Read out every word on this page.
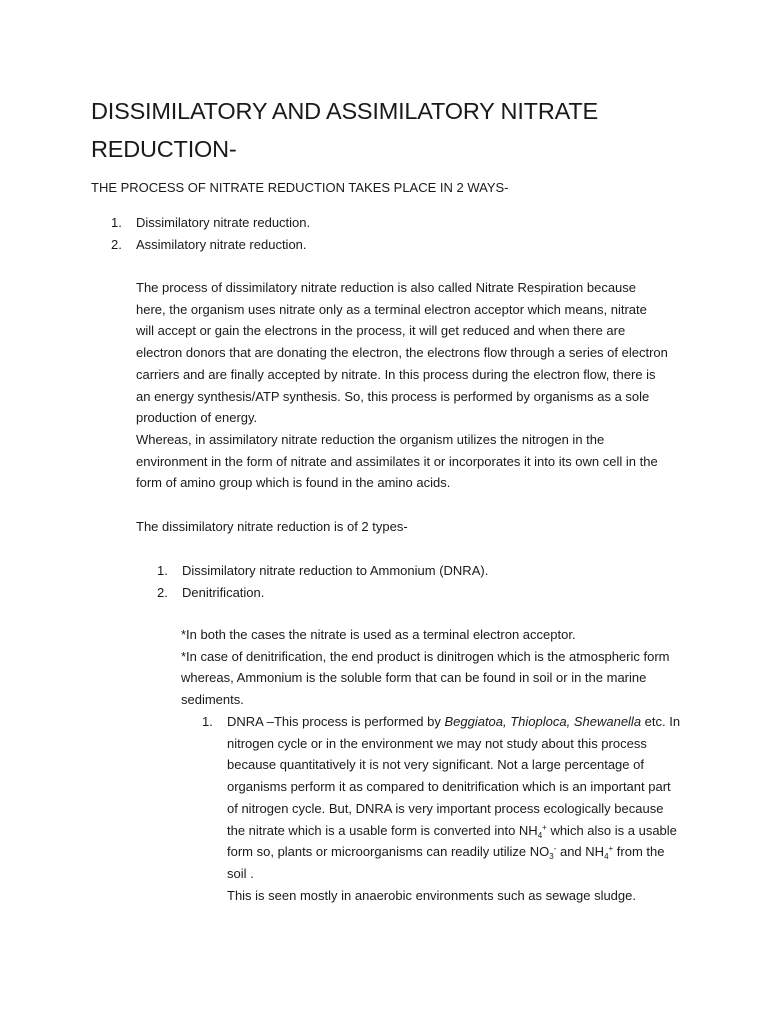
DISSIMILATORY AND ASSIMILATORY NITRATE REDUCTION-

THE PROCESS OF NITRATE REDUCTION TAKES PLACE IN 2 WAYS-

1. Dissimilatory nitrate reduction.
2. Assimilatory nitrate reduction.

The process of dissimilatory nitrate reduction is also called Nitrate Respiration because here, the organism uses nitrate only as a terminal electron acceptor which means, nitrate will accept or gain the electrons in the process, it will get reduced and when there are electron donors that are donating the electron, the electrons flow through a series of electron carriers and are finally accepted by nitrate. In this process during the electron flow, there is an energy synthesis/ATP synthesis. So, this process is performed by organisms as a sole production of energy.

Whereas, in assimilatory nitrate reduction the organism utilizes the nitrogen in the environment in the form of nitrate and assimilates it or incorporates it into its own cell in the form of amino group which is found in the amino acids.

The dissimilatory nitrate reduction is of 2 types-

1. Dissimilatory nitrate reduction to Ammonium (DNRA).
2. Denitrification.

*In both the cases the nitrate is used as a terminal electron acceptor.

*In case of denitrification, the end product is dinitrogen which is the atmospheric form whereas, Ammonium is the soluble form that can be found in soil or in the marine sediments.

1.	DNRA –This process is performed by Beggiatoa, Thioploca, Shewanella etc. In nitrogen cycle or in the environment we may not study about this process because quantitatively it is not very significant. Not a large percentage of organisms perform it as compared to denitrification which is an important part of nitrogen cycle. But, DNRA is very important process ecologically because the nitrate which is a usable form is converted into $NH_4^+$ which also is a usable form so, plants or microorganisms can readily utilize $NO_3^-$ and $NH_4^+$ from the soil .
This is seen mostly in anaerobic environments such as sewage sludge.
